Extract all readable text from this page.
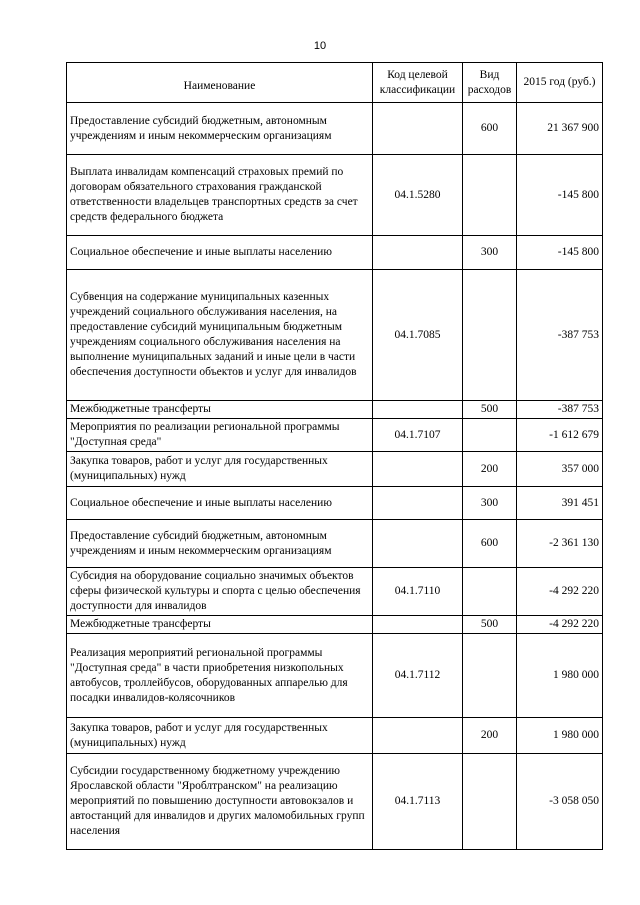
10
Наименование	Код целевой классификации	Вид расходов	2015 год (руб.)
Предоставление субсидий бюджетным, автономным учреждениям и иным некоммерческим организациям		600	21 367 900
Выплата инвалидам компенсаций страховых премий по договорам обязательного страхования гражданской ответственности владельцев транспортных средств за счет средств федерального бюджета	04.1.5280		-145 800
Социальное обеспечение и иные выплаты населению		300	-145 800
Субвенция на содержание муниципальных казенных учреждений социального обслуживания населения, на предоставление субсидий муниципальным бюджетным учреждениям социального обслуживания населения на выполнение муниципальных заданий и иные цели в части обеспечения доступности объектов и услуг для инвалидов	04.1.7085		-387 753
Межбюджетные трансферты		500	-387 753
Мероприятия по реализации региональной программы "Доступная среда"	04.1.7107		-1 612 679
Закупка товаров, работ и услуг для государственных (муниципальных) нужд		200	357 000
Социальное обеспечение и иные выплаты населению		300	391 451
Предоставление субсидий бюджетным, автономным учреждениям и иным некоммерческим организациям		600	-2 361 130
Субсидия на оборудование социально значимых объектов сферы физической культуры и спорта с целью обеспечения доступности для инвалидов	04.1.7110		-4 292 220
Межбюджетные трансферты		500	-4 292 220
Реализация мероприятий региональной программы "Доступная среда" в части приобретения низкопольных автобусов, троллейбусов, оборудованных аппарелью для посадки инвалидов-колясочников	04.1.7112		1 980 000
Закупка товаров, работ и услуг для государственных (муниципальных) нужд		200	1 980 000
Субсидии государственному бюджетному учреждению Ярославской области "Яроблтранском" на реализацию мероприятий по повышению доступности автовокзалов и автостанций для инвалидов и других маломобильных групп населения	04.1.7113		-3 058 050
